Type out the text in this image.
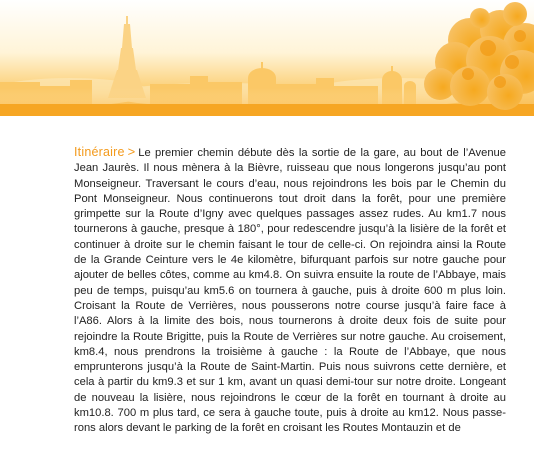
Itinéraire > Le premier chemin débute dès la sortie de la gare, au bout de l’Avenue Jean Jaurès. Il nous mènera à la Bièvre, ruisseau que nous longerons jusqu’au pont Monseigneur. Traversant le cours d’eau, nous rejoindrons les bois par le Chemin du Pont Monseigneur. Nous continuerons tout droit dans la forêt, pour une première grimpette sur la Route d’Igny avec quelques passages assez rudes. Au km1.7 nous tournerons à gauche, presque à 180°, pour redescendre jusqu’à la lisière de la forêt et continuer à droite sur le chemin faisant le tour de celle-ci. On rejoindra ainsi la Route de la Grande Ceinture vers le 4e kilomètre, bifurquant parfois sur notre gauche pour ajouter de belles côtes, comme au km4.8. On suivra ensuite la route de l’Abbaye, mais peu de temps, puisqu’au km5.6 on tournera à gauche, puis à droite 600 m plus loin. Croisant la Route de Verrières, nous pousserons notre course jusqu’à faire face à l’A86. Alors à la limite des bois, nous tournerons à droite deux fois de suite pour rejoindre la Route Brigitte, puis la Route de Verrières sur notre gauche. Au croisement, km8.4, nous prendrons la troisième à gauche : la Route de l’Abbaye, que nous emprunterons jusqu’à la Route de Saint-Martin. Puis nous suivrons cette dernière, et cela à partir du km9.3 et sur 1 km, avant un quasi demi-tour sur notre droite. Longeant de nouveau la lisière, nous rejoindrons le cœur de la forêt en tournant à droite au km10.8. 700 m plus tard, ce sera à gauche toute, puis à droite au km12. Nous passerons alors devant le parking de la forêt en croisant les Routes Montauzin et de
